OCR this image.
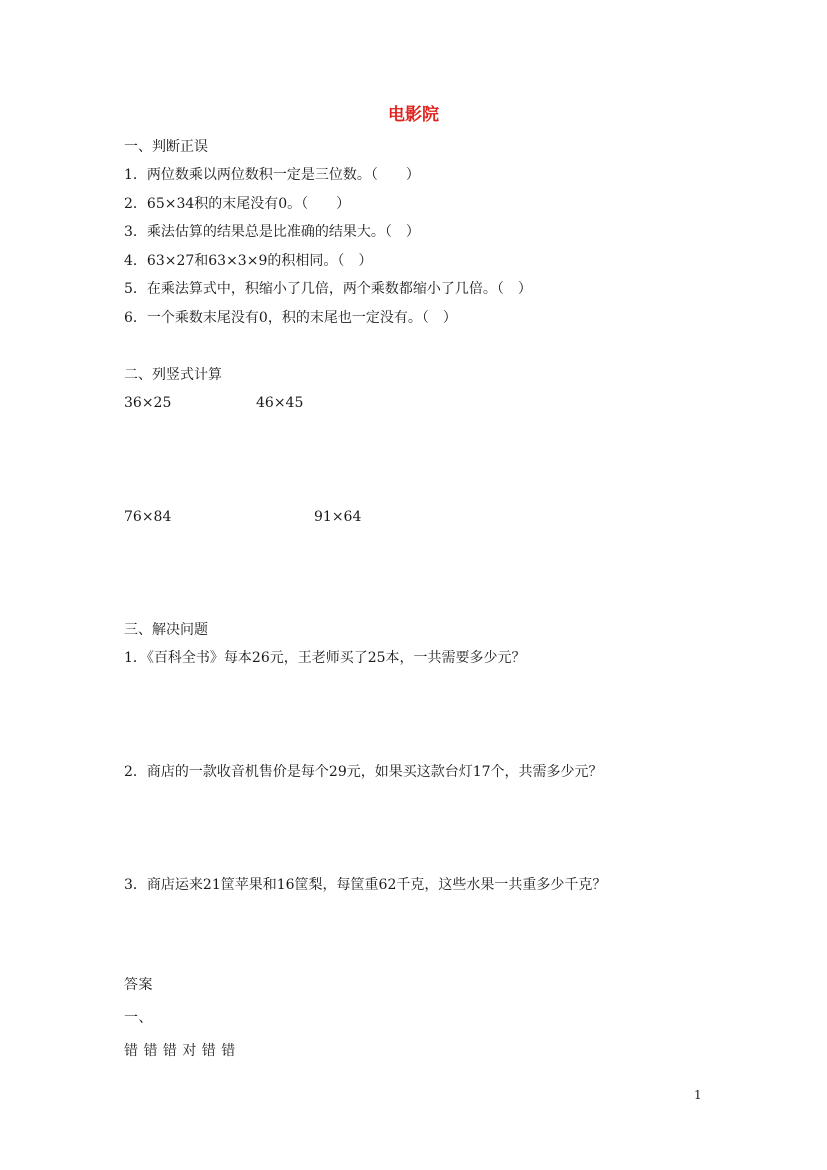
电影院
一、判断正误
1．两位数乘以两位数积一定是三位数。（　　）
2．65×34积的末尾没有0。（　　）
3．乘法估算的结果总是比准确的结果大。（　）
4．63×27和63×3×9的积相同。（　）
5．在乘法算式中，积缩小了几倍，两个乘数都缩小了几倍。（　）
6．一个乘数末尾没有0，积的末尾也一定没有。（　）
二、列竖式计算
36×25	46×45
76×84	91×64
三、解决问题
1．《百科全书》每本26元，王老师买了25本，一共需要多少元？
2．商店的一款收音机售价是每个29元，如果买这款台灯17个，共需多少元？
3．商店运来21筐苹果和16筐梨，每筐重62千克，这些水果一共重多少千克？
答案
一、
错 错 错 对 错 错
1
